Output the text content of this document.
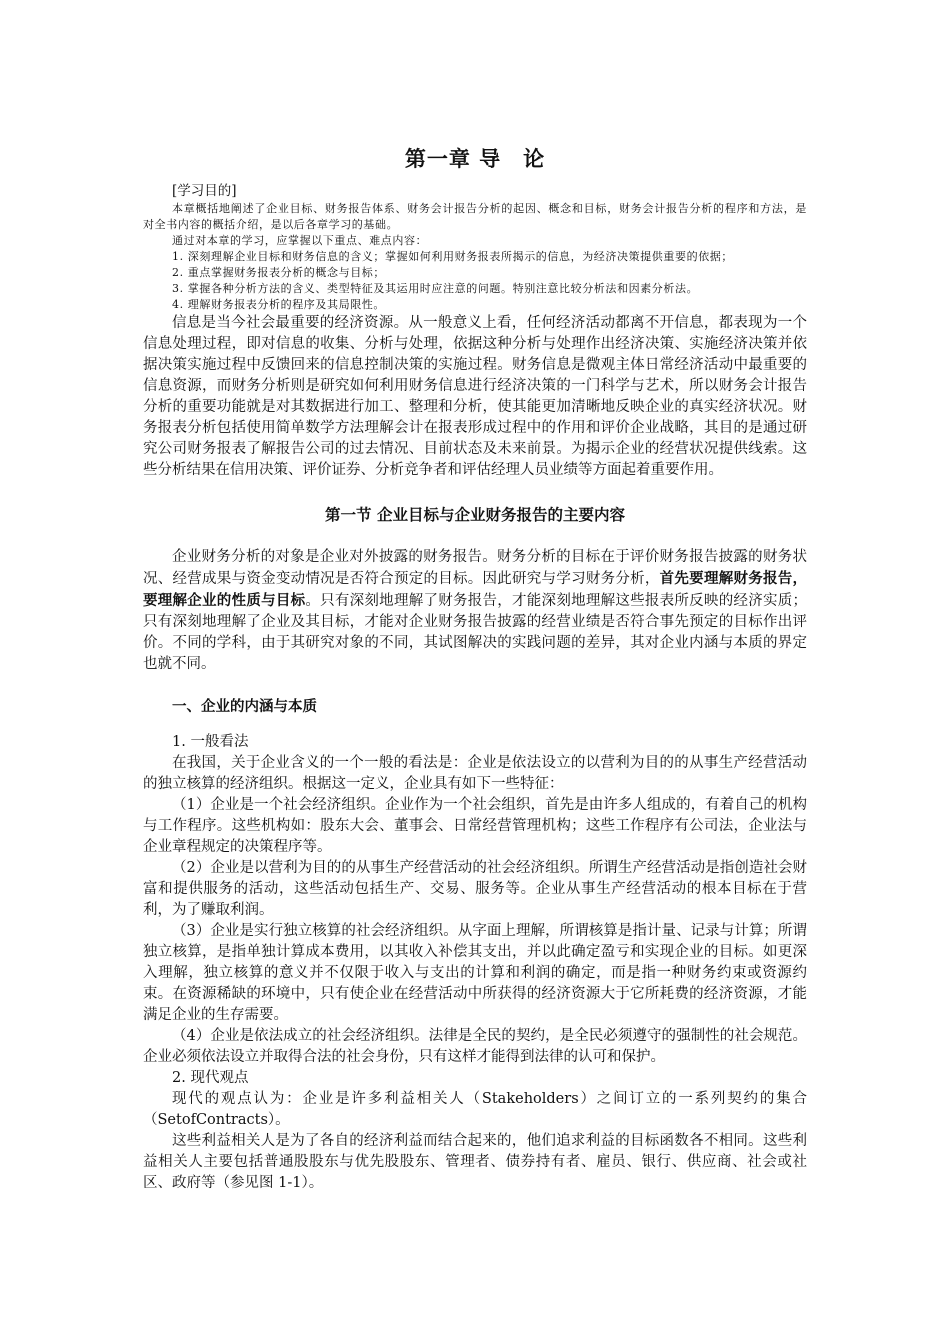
第一章 导　论

[学习目的]

本章概括地阐述了企业目标、财务报告体系、财务会计报告分析的起因、概念和目标，财务会计报告分析的程序和方法，是对全书内容的概括介绍，是以后各章学习的基础。

通过对本章的学习，应掌握以下重点、难点内容：

1. 深刻理解企业目标和财务信息的含义；掌握如何利用财务报表所揭示的信息，为经济决策提供重要的依据；

2. 重点掌握财务报表分析的概念与目标；

3. 掌握各种分析方法的含义、类型特征及其运用时应注意的问题。特别注意比较分析法和因素分析法。

4. 理解财务报表分析的程序及其局限性。

信息是当今社会最重要的经济资源。从一般意义上看，任何经济活动都离不开信息，都表现为一个信息处理过程，即对信息的收集、分析与处理，依据这种分析与处理作出经济决策、实施经济决策并依据决策实施过程中反馈回来的信息控制决策的实施过程。财务信息是微观主体日常经济活动中最重要的信息资源，而财务分析则是研究如何利用财务信息进行经济决策的一门科学与艺术，所以财务会计报告分析的重要功能就是对其数据进行加工、整理和分析，使其能更加清晰地反映企业的真实经济状况。财务报表分析包括使用简单数学方法理解会计在报表形成过程中的作用和评价企业战略，其目的是通过研究公司财务报表了解报告公司的过去情况、目前状态及未来前景。为揭示企业的经营状况提供线索。这些分析结果在信用决策、评价证券、分析竞争者和评估经理人员业绩等方面起着重要作用。

第一节 企业目标与企业财务报告的主要内容

企业财务分析的对象是企业对外披露的财务报告。财务分析的目标在于评价财务报告披露的财务状况、经营成果与资金变动情况是否符合预定的目标。因此研究与学习财务分析，首先要理解财务报告，要理解企业的性质与目标。只有深刻地理解了财务报告，才能深刻地理解这些报表所反映的经济实质；只有深刻地理解了企业及其目标，才能对企业财务报告披露的经营业绩是否符合事先预定的目标作出评价。不同的学科，由于其研究对象的不同，其试图解决的实践问题的差异，其对企业内涵与本质的界定也就不同。

一、企业的内涵与本质

1. 一般看法

在我国，关于企业含义的一个一般的看法是：企业是依法设立的以营利为目的的从事生产经营活动的独立核算的经济组织。根据这一定义，企业具有如下一些特征：

（1）企业是一个社会经济组织。企业作为一个社会组织，首先是由许多人组成的，有着自己的机构与工作程序。这些机构如：股东大会、董事会、日常经营管理机构；这些工作程序有公司法，企业法与企业章程规定的决策程序等。

（2）企业是以营利为目的的从事生产经营活动的社会经济组织。所谓生产经营活动是指创造社会财富和提供服务的活动，这些活动包括生产、交易、服务等。企业从事生产经营活动的根本目标在于营利，为了赚取利润。

（3）企业是实行独立核算的社会经济组织。从字面上理解，所谓核算是指计量、记录与计算；所谓独立核算，是指单独计算成本费用，以其收入补偿其支出，并以此确定盈亏和实现企业的目标。如更深入理解，独立核算的意义并不仅限于收入与支出的计算和利润的确定，而是指一种财务约束或资源约束。在资源稀缺的环境中，只有使企业在经营活动中所获得的经济资源大于它所耗费的经济资源，才能满足企业的生存需要。

（4）企业是依法成立的社会经济组织。法律是全民的契约，是全民必须遵守的强制性的社会规范。企业必须依法设立并取得合法的社会身份，只有这样才能得到法律的认可和保护。

2. 现代观点

现代的观点认为：企业是许多利益相关人（Stakeholders）之间订立的一系列契约的集合（SetofContracts）。

这些利益相关人是为了各自的经济利益而结合起来的，他们追求利益的目标函数各不相同。这些利益相关人主要包括普通股股东与优先股股东、管理者、债券持有者、雇员、银行、供应商、社会或社区、政府等（参见图 1-1）。
